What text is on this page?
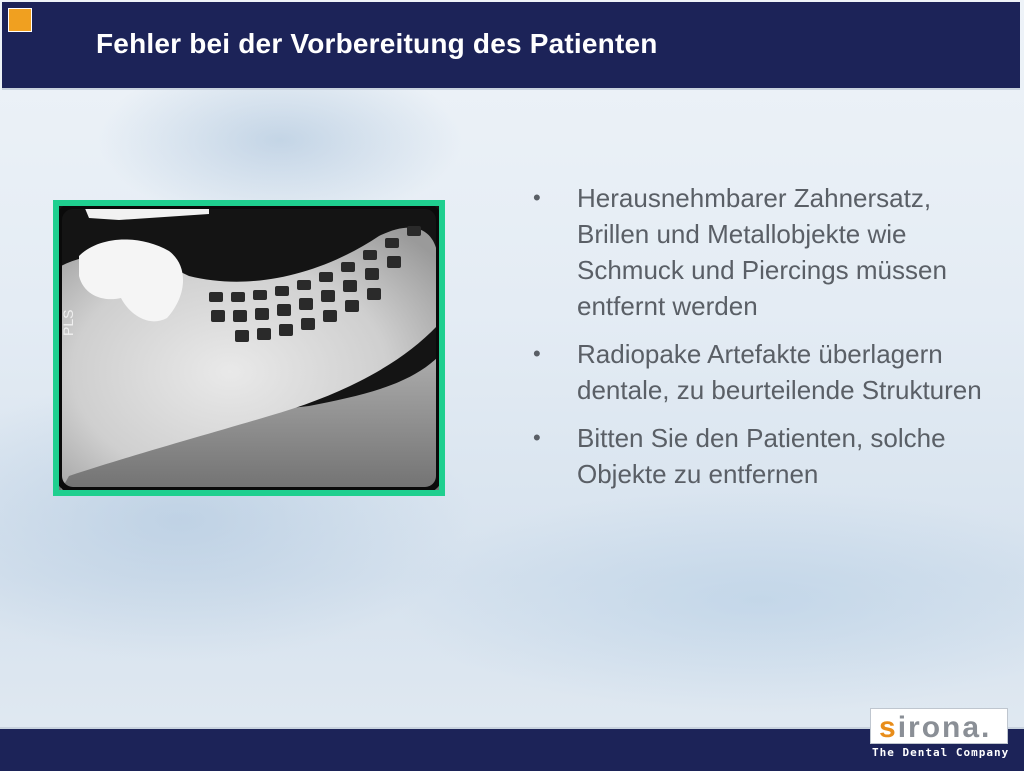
Fehler bei der Vorbereitung des Patienten
PLS
• Herausnehmbarer Zahnersatz, Brillen und Metallobjekte wie Schmuck und Piercings müssen entfernt werden
• Radiopake Artefakte überlagern dentale, zu beurteilende Strukturen
• Bitten Sie den Patienten, solche Objekte zu entfernen
sirona.
The Dental Company
